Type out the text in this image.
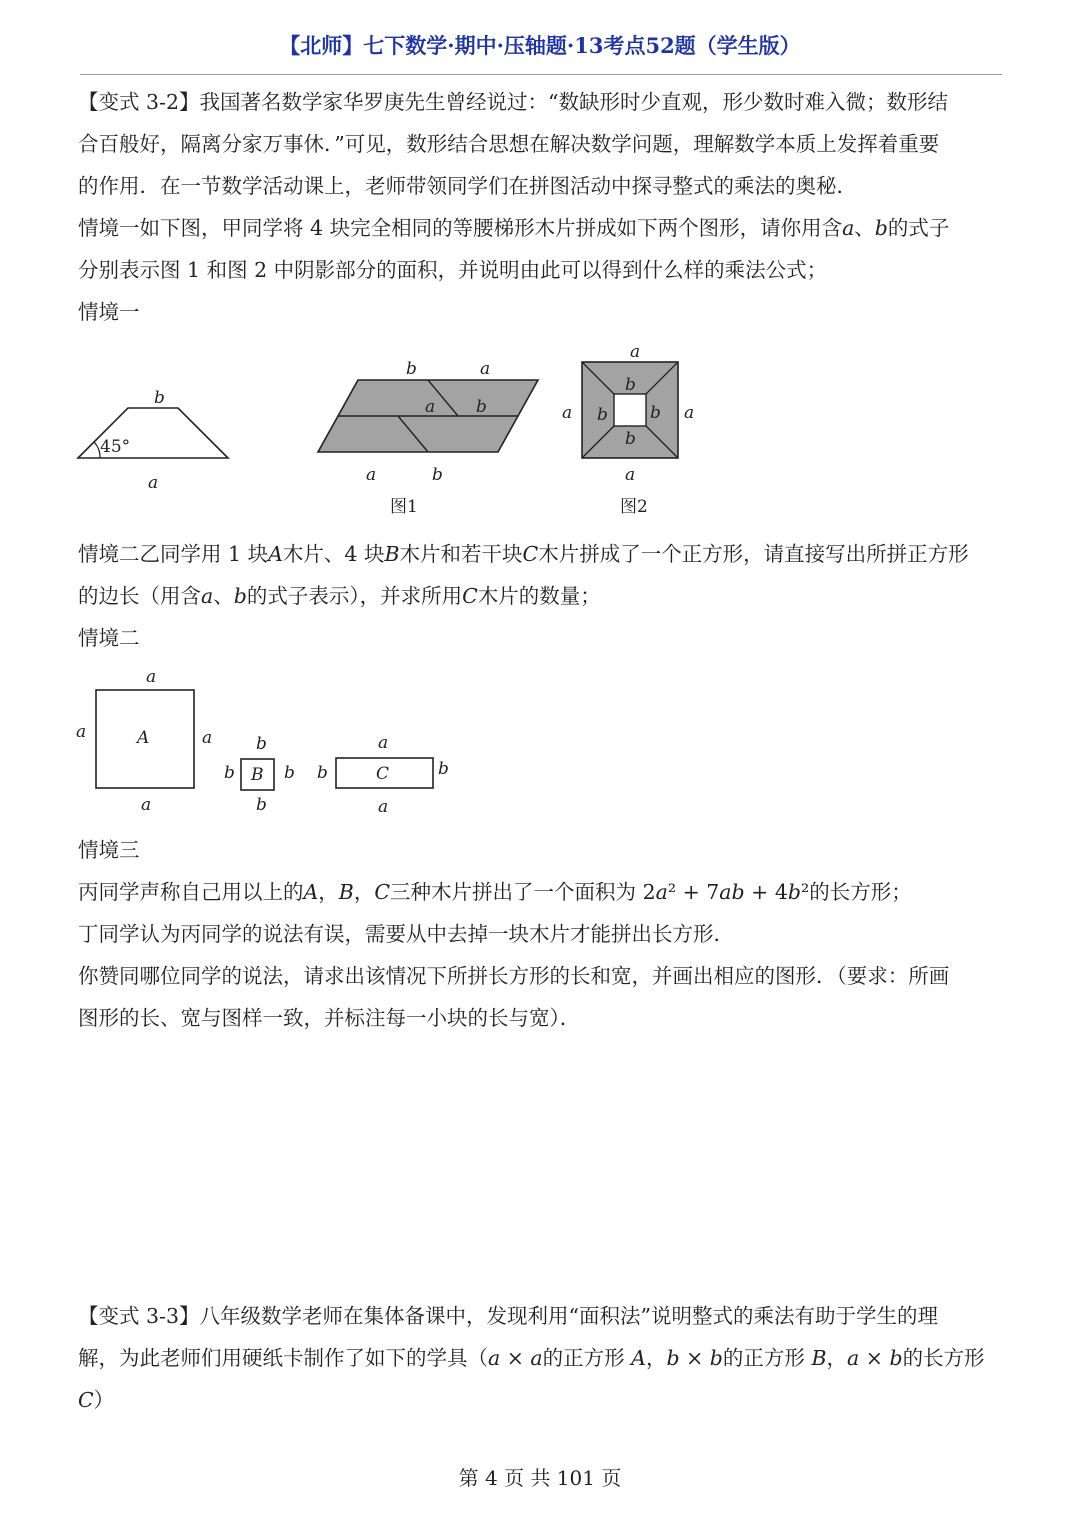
【北师】七下数学·期中·压轴题·13考点52题（学生版）
【变式 3-2】我国著名数学家华罗庚先生曾经说过：“数缺形时少直观，形少数时难入微；数形结
合百般好，隔离分家万事休．”可见，数形结合思想在解决数学问题，理解数学本质上发挥着重要
的作用．在一节数学活动课上，老师带领同学们在拼图活动中探寻整式的乘法的奥秘．
情境一如下图，甲同学将 4 块完全相同的等腰梯形木片拼成如下两个图形，请你用含𝑎、𝑏的式子
分别表示图 1 和图 2 中阴影部分的面积，并说明由此可以得到什么样的乘法公式；
情境一
b
a
45°
b	a
a b
a	b
图1
a
b
a b b a
b
a
图2
情境二乙同学用 1 块𝐴木片、4 块𝐵木片和若干块𝐶木片拼成了一个正方形，请直接写出所拼正方形
的边长（用含𝑎、𝑏的式子表示），并求所用𝐶木片的数量；
情境二
a
a	a
a
A	b
b	b
b
B
a
b	b
a
C
情境三
丙同学声称自己用以上的𝐴，𝐵，𝐶三种木片拼出了一个面积为 2𝑎² + 7𝑎𝑏 + 4𝑏²的长方形；
丁同学认为丙同学的说法有误，需要从中去掉一块木片才能拼出长方形．
你赞同哪位同学的说法，请求出该情况下所拼长方形的长和宽，并画出相应的图形．（要求：所画
图形的长、宽与图样一致，并标注每一小块的长与宽）．
【变式 3-3】八年级数学老师在集体备课中，发现利用“面积法”说明整式的乘法有助于学生的理
解，为此老师们用硬纸卡制作了如下的学具（𝑎 × 𝑎的正方形 𝐴，𝑏 × 𝑏的正方形 𝐵，𝑎 × 𝑏的长方形
𝐶）
第 4 页 共 101 页
